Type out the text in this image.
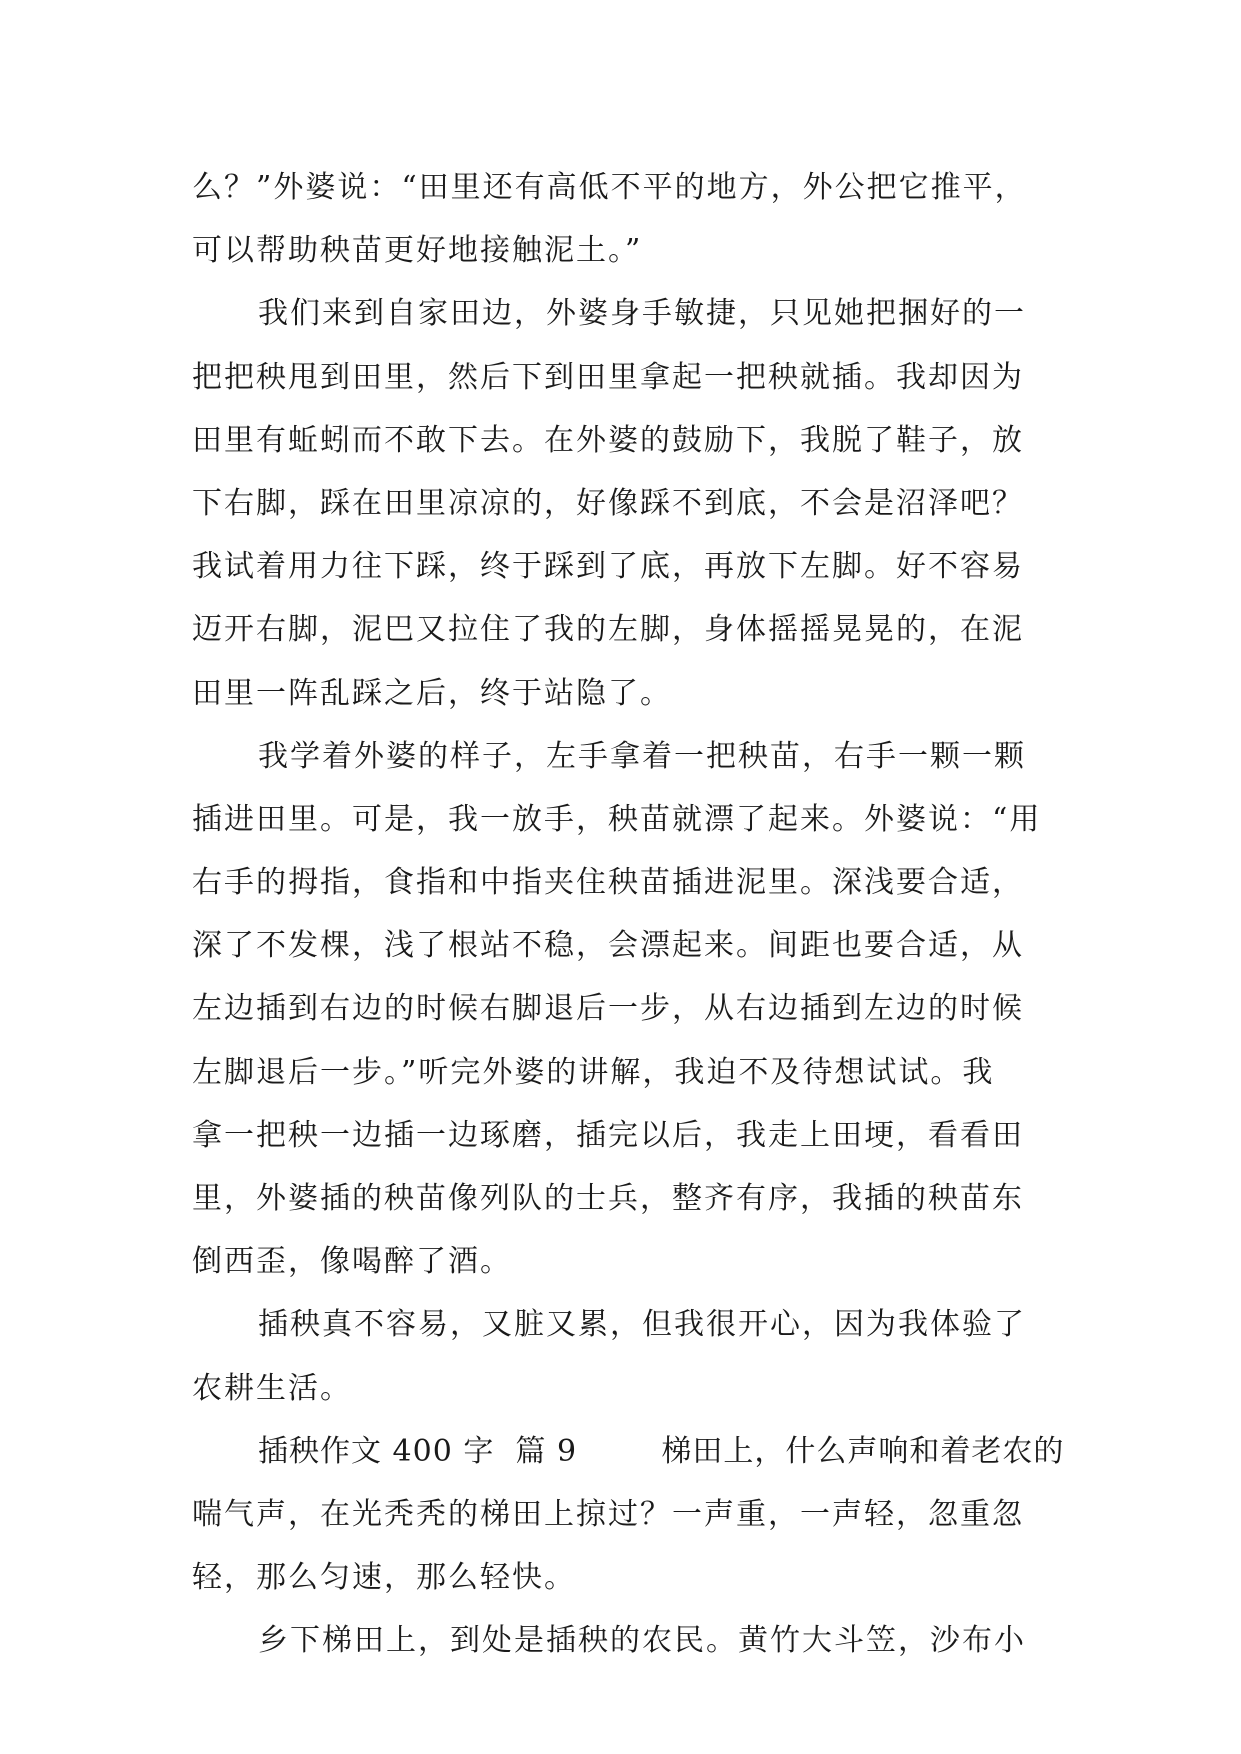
么？”外婆说：“田里还有高低不平的地方，外公把它推平，
可以帮助秧苗更好地接触泥土。”
我们来到自家田边，外婆身手敏捷，只见她把捆好的一
把把秧甩到田里，然后下到田里拿起一把秧就插。我却因为
田里有蚯蚓而不敢下去。在外婆的鼓励下，我脱了鞋子，放
下右脚，踩在田里凉凉的，好像踩不到底，不会是沼泽吧？
我试着用力往下踩，终于踩到了底，再放下左脚。好不容易
迈开右脚，泥巴又拉住了我的左脚，身体摇摇晃晃的，在泥
田里一阵乱踩之后，终于站隐了。
我学着外婆的样子，左手拿着一把秧苗，右手一颗一颗
插进田里。可是，我一放手，秧苗就漂了起来。外婆说：“用
右手的拇指，食指和中指夹住秧苗插进泥里。深浅要合适，
深了不发棵，浅了根站不稳，会漂起来。间距也要合适，从
左边插到右边的时候右脚退后一步，从右边插到左边的时候
左脚退后一步。”听完外婆的讲解，我迫不及待想试试。我
拿一把秧一边插一边琢磨，插完以后，我走上田埂，看看田
里，外婆插的秧苗像列队的士兵，整齐有序，我插的秧苗东
倒西歪，像喝醉了酒。
插秧真不容易，又脏又累，但我很开心，因为我体验了
农耕生活。
插秧作文 400 字  篇 9        梯田上，什么声响和着老农的
喘气声，在光秃秃的梯田上掠过？一声重，一声轻，忽重忽
轻，那么匀速，那么轻快。
乡下梯田上，到处是插秧的农民。黄竹大斗笠，沙布小
